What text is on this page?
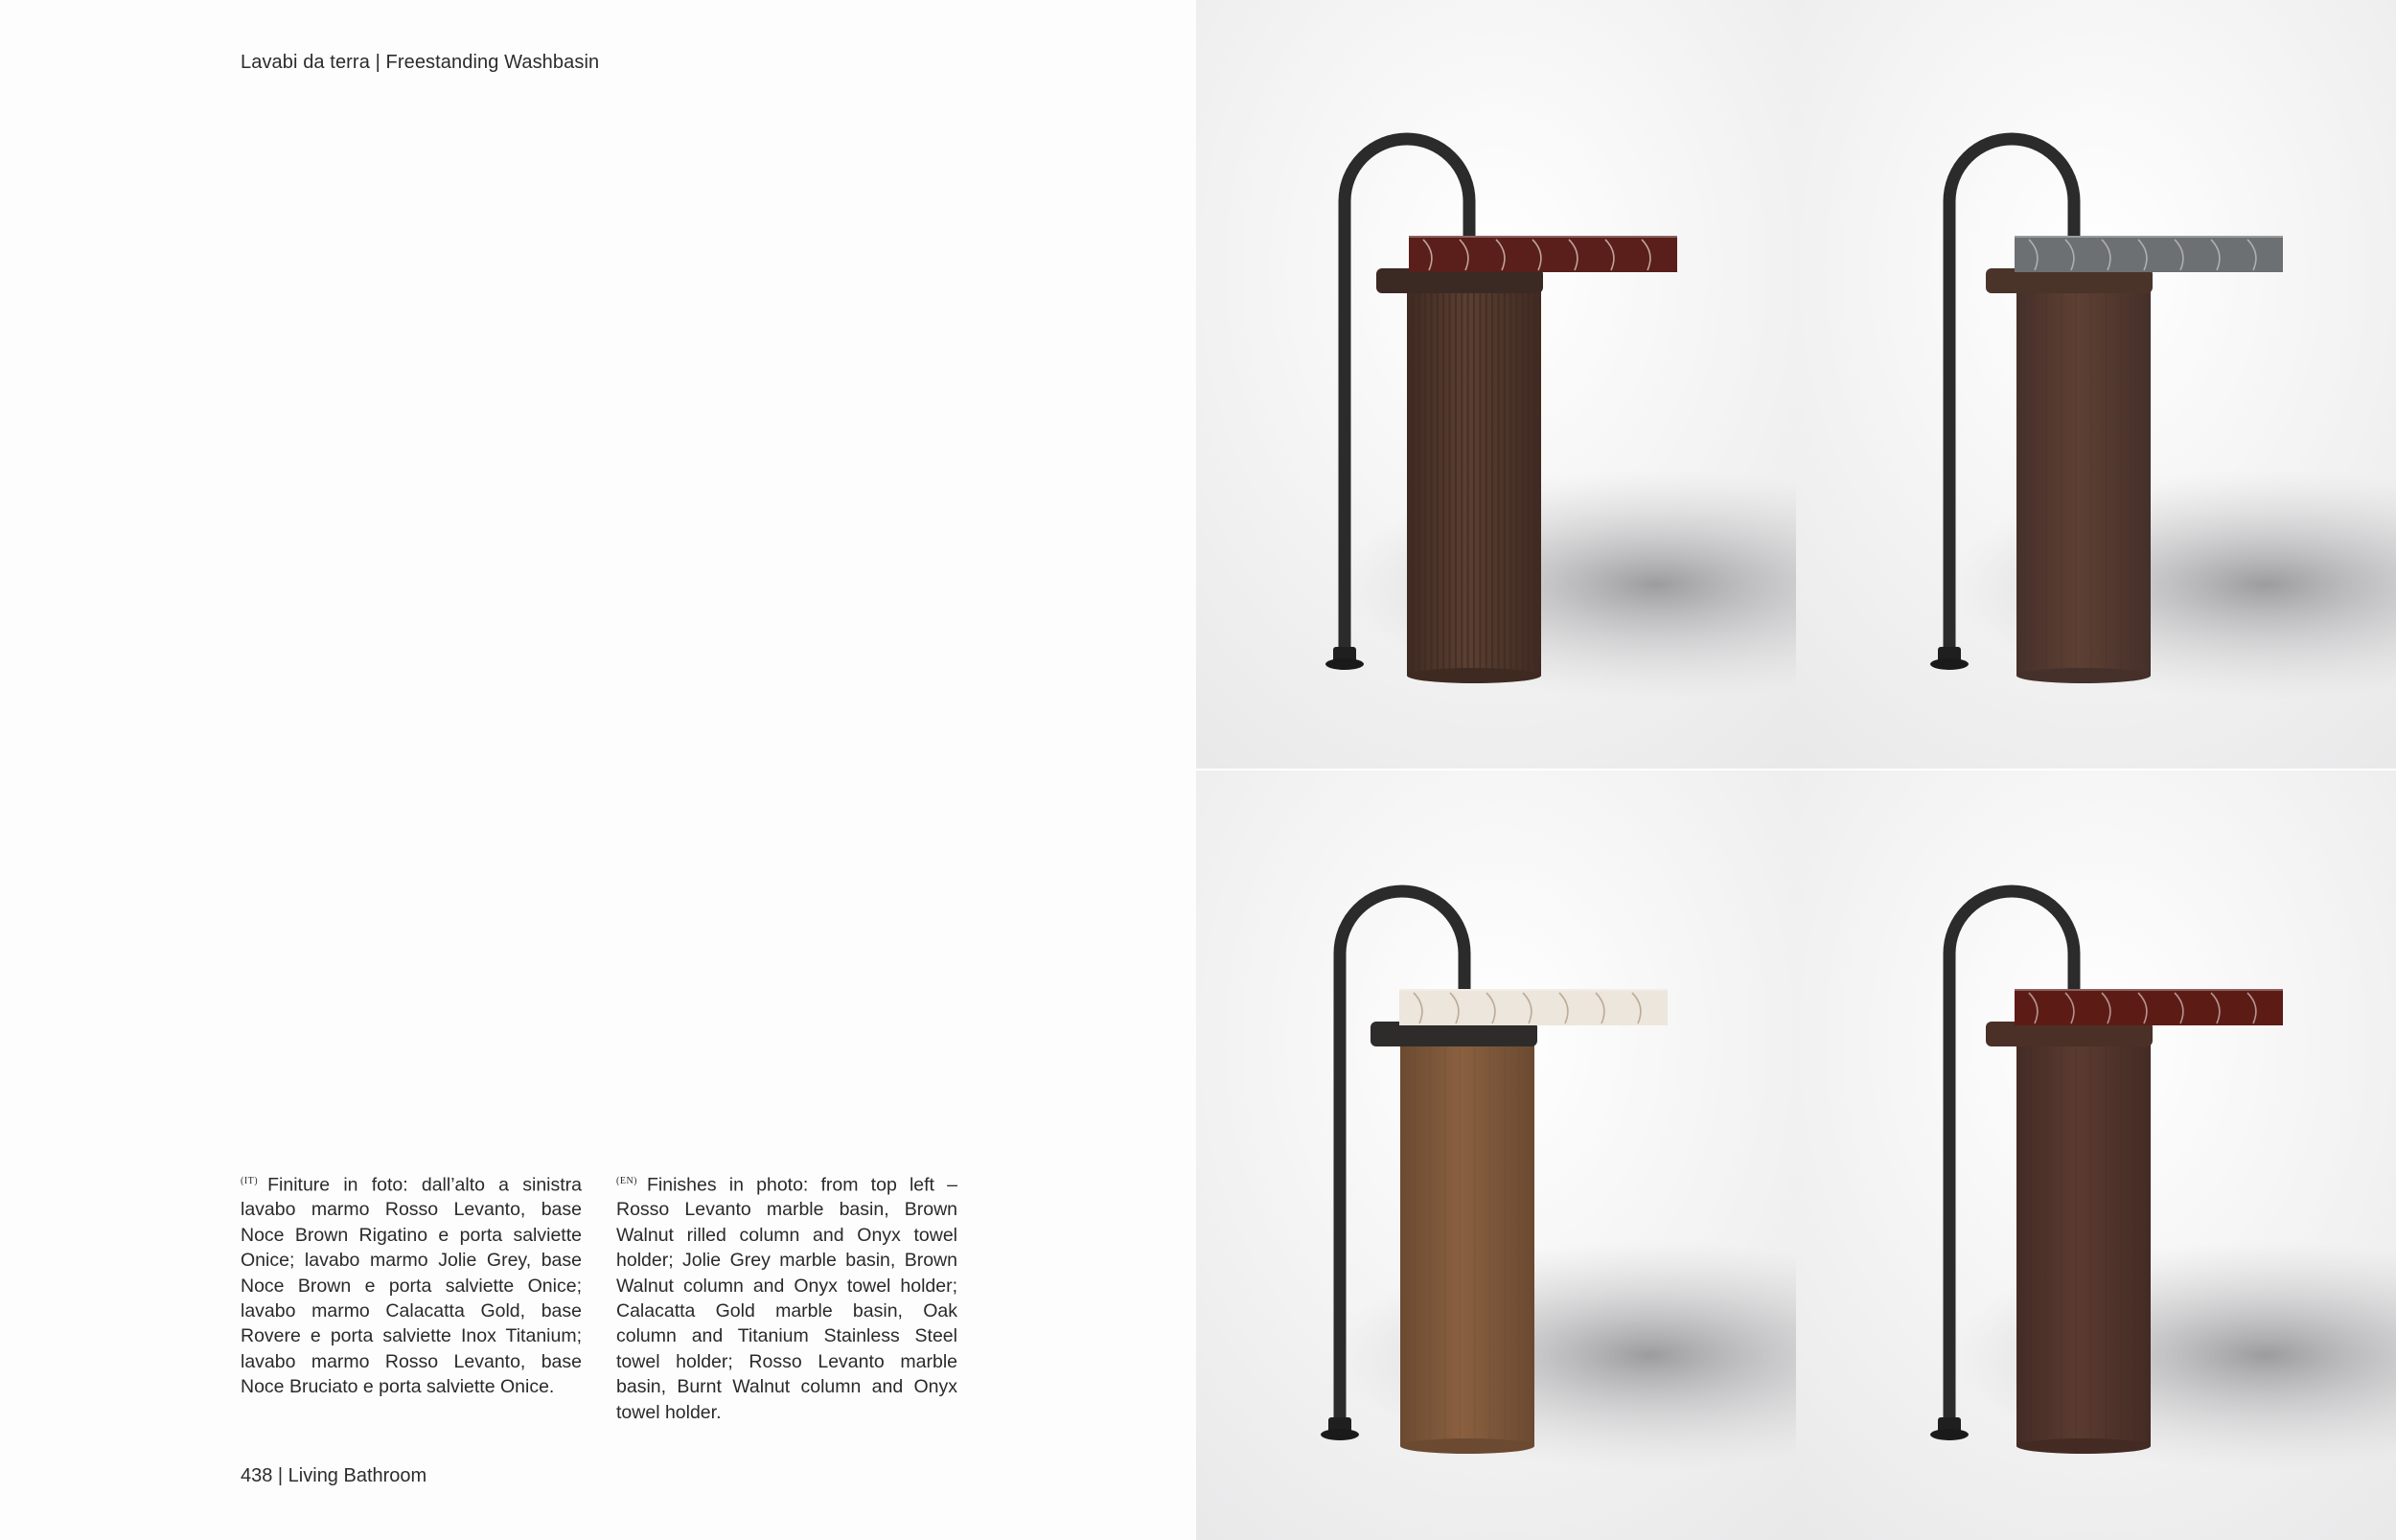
Lavabi da terra | Freestanding Washbasin

$^{(IT)}$ Finiture in foto: dall’alto a sinistra lavabo marmo Rosso Levanto, base Noce Brown Rigatino e porta salviette Onice; lavabo marmo Jolie Grey, base Noce Brown e porta salviette Onice; lavabo marmo Calacatta Gold, base Rovere e porta salviette Inox Titanium; lavabo marmo Rosso Levanto, base Noce Bruciato e porta salviette Onice.

$^{(EN)}$ Finishes in photo: from top left – Rosso Levanto marble basin, Brown Walnut rilled column and Onyx towel holder; Jolie Grey marble basin, Brown Walnut column and Onyx towel holder; Calacatta Gold marble basin, Oak column and Titanium Stainless Steel towel holder; Rosso Levanto marble basin, Burnt Walnut column and Onyx towel holder.

438 | Living Bathroom
